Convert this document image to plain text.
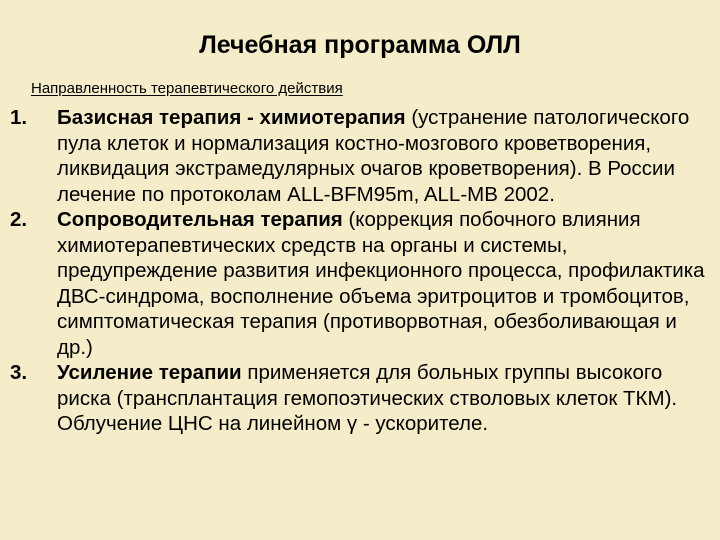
Лечебная программа ОЛЛ
Направленность терапевтического действия
1. Базисная терапия - химиотерапия (устранение патологического пула клеток и нормализация костно-мозгового кроветворения, ликвидация экстрамедулярных очагов кроветворения). В России лечение по протоколам ALL-BFM95m, ALL-MB 2002.
2. Сопроводительная терапия (коррекция побочного влияния химиотерапевтических средств на органы и системы, предупреждение развития инфекционного процесса, профилактика ДВС-синдрома, восполнение объема эритроцитов и тромбоцитов, симптоматическая терапия (противорвотная, обезболивающая и др.)
3. Усиление терапии применяется для больных группы высокого риска (трансплантация гемопоэтических стволовых клеток ТКМ). Облучение ЦНС на линейном γ - ускорителе.
